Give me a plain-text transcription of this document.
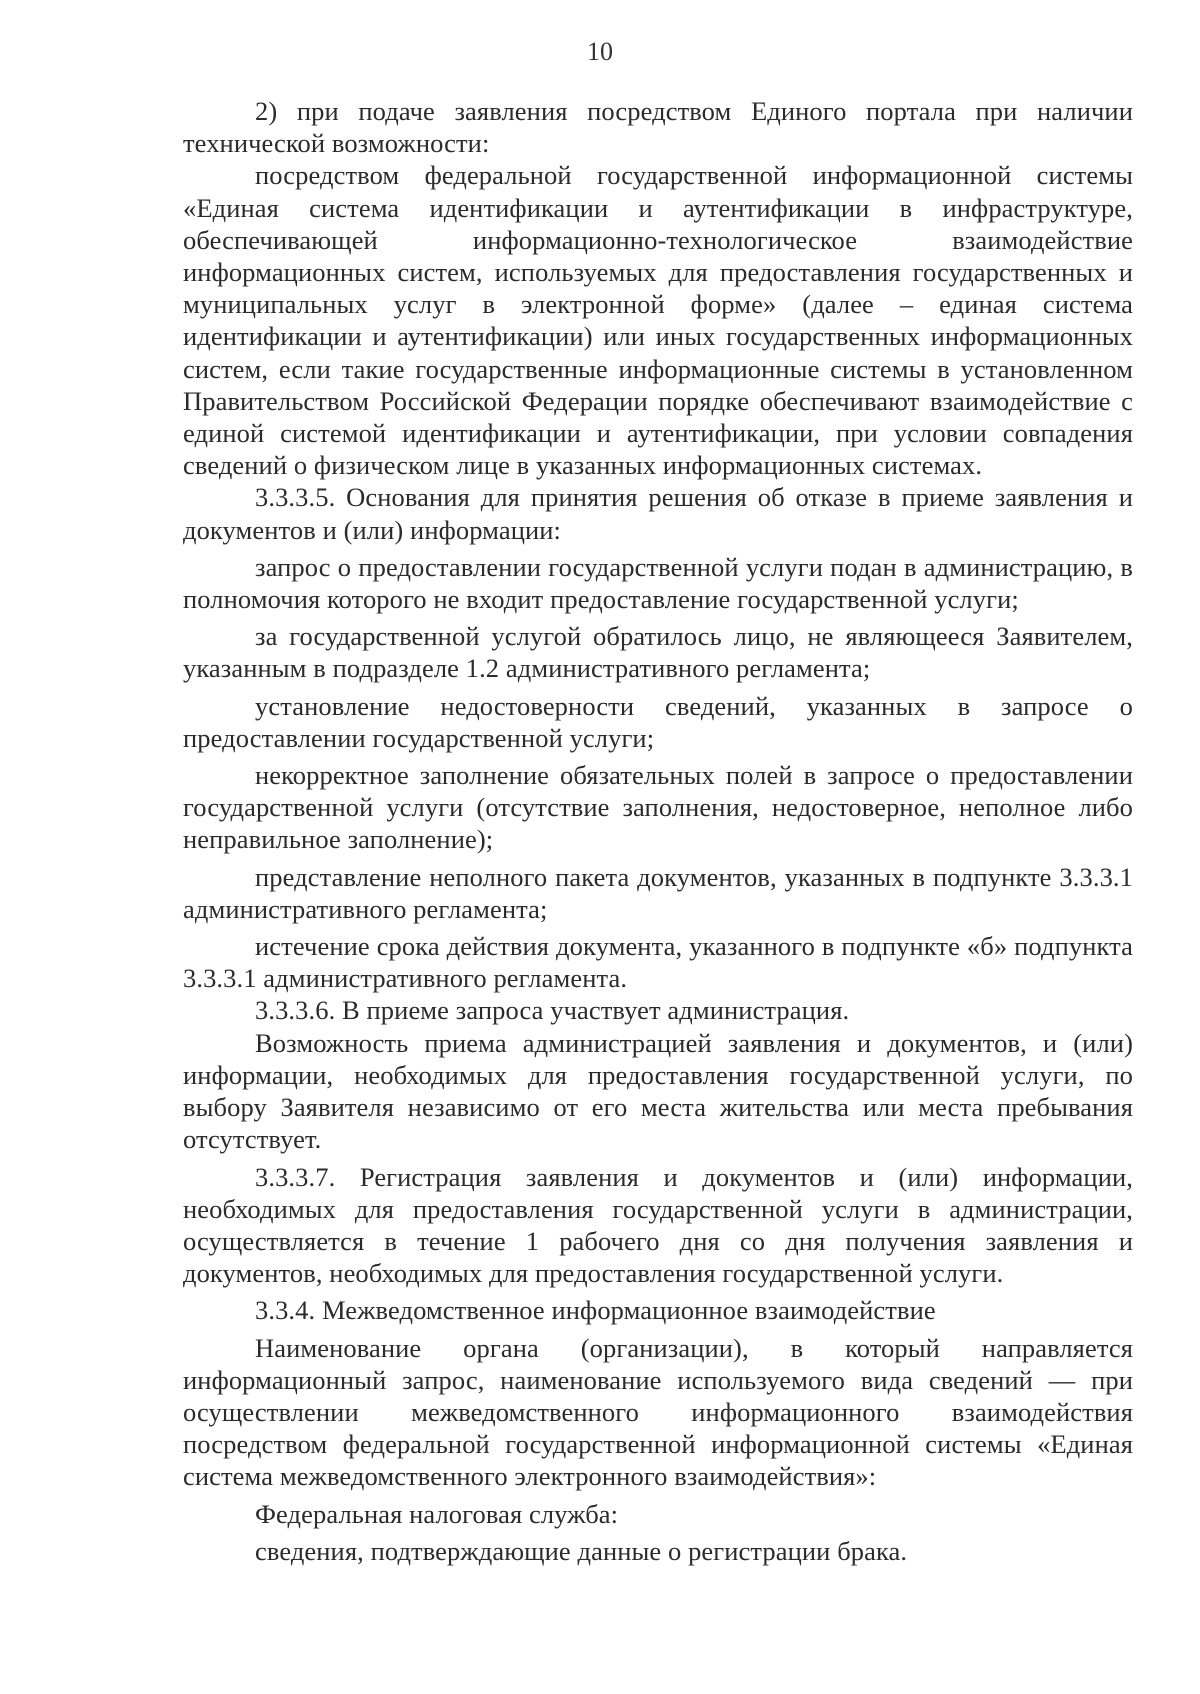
10

2) при подаче заявления посредством Единого портала при наличии технической возможности:

посредством федеральной государственной информационной системы «Единая система идентификации и аутентификации в инфраструктуре, обеспечивающей информационно-технологическое взаимодействие информационных систем, используемых для предоставления государственных и муниципальных услуг в электронной форме» (далее – единая система идентификации и аутентификации) или иных государственных информационных систем, если такие государственные информационные системы в установленном Правительством Российской Федерации порядке обеспечивают взаимодействие с единой системой идентификации и аутентификации, при условии совпадения сведений о физическом лице в указанных информационных системах.

3.3.3.5. Основания для принятия решения об отказе в приеме заявления и документов и (или) информации:

запрос о предоставлении государственной услуги подан в администрацию, в полномочия которого не входит предоставление государственной услуги;

за государственной услугой обратилось лицо, не являющееся Заявителем, указанным в подразделе 1.2 административного регламента;

установление недостоверности сведений, указанных в запросе о предоставлении государственной услуги;

некорректное заполнение обязательных полей в запросе о предоставлении государственной услуги (отсутствие заполнения, недостоверное, неполное либо неправильное заполнение);

представление неполного пакета документов, указанных в подпункте 3.3.3.1 административного регламента;

истечение срока действия документа, указанного в подпункте «б» подпункта 3.3.3.1 административного регламента.

3.3.3.6. В приеме запроса участвует администрация.

Возможность приема администрацией заявления и документов, и (или) информации, необходимых для предоставления государственной услуги, по выбору Заявителя независимо от его места жительства или места пребывания отсутствует.

3.3.3.7. Регистрация заявления и документов и (или) информации, необходимых для предоставления государственной услуги в администрации, осуществляется в течение 1 рабочего дня со дня получения заявления и документов, необходимых для предоставления государственной услуги.

3.3.4. Межведомственное информационное взаимодействие

Наименование органа (организации), в который направляется информационный запрос, наименование используемого вида сведений — при осуществлении межведомственного информационного взаимодействия посредством федеральной государственной информационной системы «Единая система межведомственного электронного взаимодействия»:

Федеральная налоговая служба:

сведения, подтверждающие данные о регистрации брака.
